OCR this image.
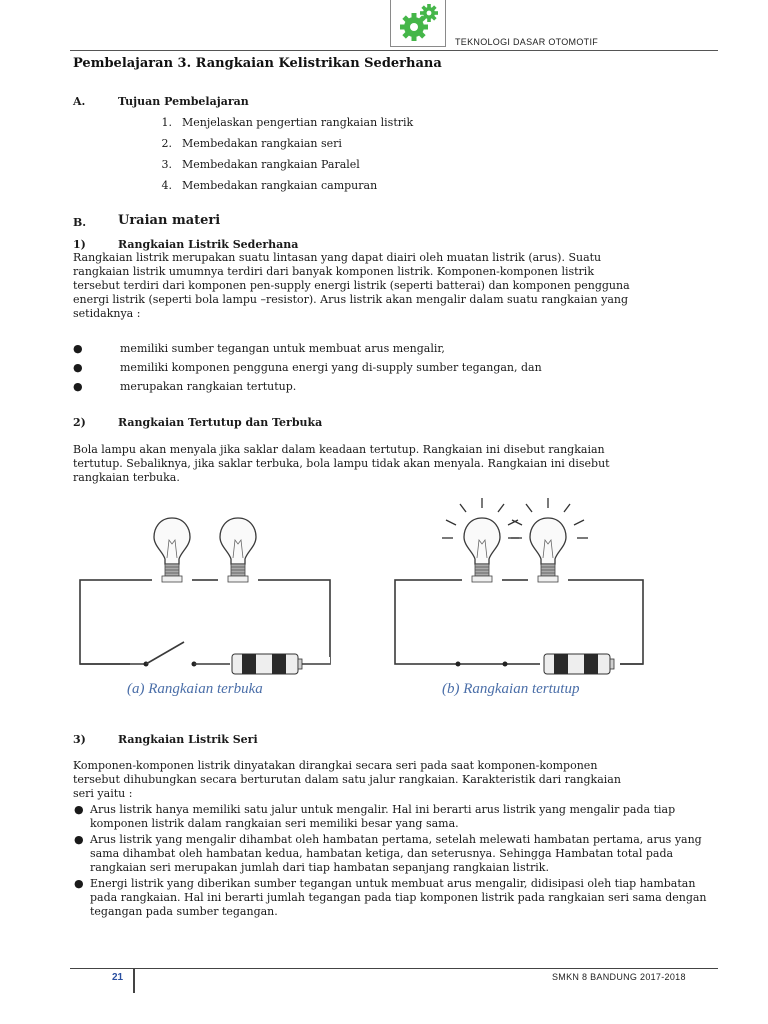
TEKNOLOGI DASAR OTOMOTIF
Pembelajaran 3. Rangkaian Kelistrikan Sederhana
A.	Tujuan Pembelajaran
1. Menjelaskan pengertian rangkaian listrik
2. Membedakan rangkaian seri
3. Membedakan rangkaian Paralel
4. Membedakan rangkaian campuran
B. Uraian materi
1)	Rangkaian Listrik Sederhana
Rangkaian listrik merupakan suatu lintasan yang dapat diairi oleh muatan listrik (arus). Suatu
rangkaian listrik umumnya terdiri dari banyak komponen listrik. Komponen-komponen listrik
tersebut terdiri dari komponen pen-supply energi listrik (seperti batterai) dan komponen pengguna
energi listrik (seperti bola lampu –resistor). Arus listrik akan mengalir dalam suatu rangkaian yang
setidaknya :
●	memiliki sumber tegangan untuk membuat arus mengalir,
●	memiliki komponen pengguna energi yang di-supply sumber tegangan, dan
●	merupakan rangkaian tertutup.
2)	Rangkaian Tertutup dan Terbuka
Bola lampu akan menyala jika saklar dalam keadaan tertutup. Rangkaian ini disebut rangkaian
tertutup. Sebaliknya, jika saklar terbuka, bola lampu tidak akan menyala. Rangkaian ini disebut
rangkaian terbuka.
(a) Rangkaian terbuka	(b) Rangkaian tertutup
3)	Rangkaian Listrik Seri
Komponen-komponen listrik dinyatakan dirangkai secara seri pada saat komponen-komponen
tersebut dihubungkan secara berturutan dalam satu jalur rangkaian. Karakteristik dari rangkaian
seri yaitu :
● Arus listrik hanya memiliki satu jalur untuk mengalir. Hal ini berarti arus listrik yang mengalir pada tiap komponen listrik dalam rangkaian seri memiliki besar yang sama.
● Arus listrik yang mengalir dihambat oleh hambatan pertama, setelah melewati hambatan pertama, arus yang sama dihambat oleh hambatan kedua, hambatan ketiga, dan seterusnya. Sehingga Hambatan total pada rangkaian seri merupakan jumlah dari tiap hambatan sepanjang rangkaian listrik.
● Energi listrik yang diberikan sumber tegangan untuk membuat arus mengalir, didisipasi oleh tiap hambatan pada rangkaian. Hal ini berarti jumlah tegangan pada tiap komponen listrik pada rangkaian seri sama dengan tegangan pada sumber tegangan.
21	SMKN 8 BANDUNG 2017-2018
